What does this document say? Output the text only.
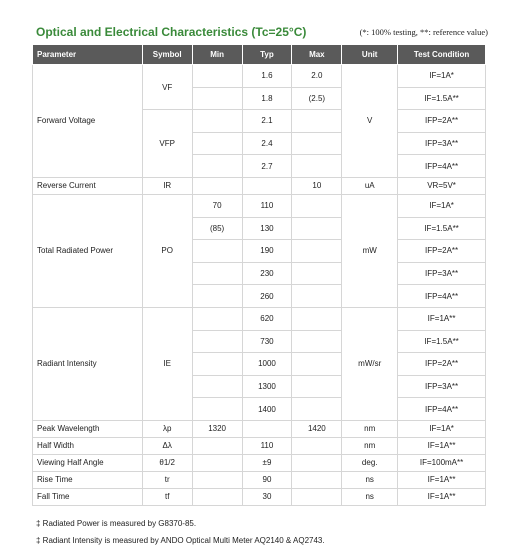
Optical and Electrical Characteristics (Tc=25°C)	(*: 100% testing, **: reference value)
Parameter	Symbol	Min	Typ	Max	Unit	Test Condition
Forward Voltage	VF		1.6	2.0	V	IF=1A*
			1.8	(2.5)		IF=1.5A**
	VFP		2.1			IFP=2A**
			2.4			IFP=3A**
			2.7			IFP=4A**
Reverse Current	IR			10	uA	VR=5V*
Total Radiated Power	PO	70	110		mW	IF=1A*
		(85)	130			IF=1.5A**
			190			IFP=2A**
			230			IFP=3A**
			260			IFP=4A**
Radiant Intensity	IE		620		mW/sr	IF=1A**
			730			IF=1.5A**
			1000			IFP=2A**
			1300			IFP=3A**
			1400			IFP=4A**
Peak Wavelength	λp	1320		1420	nm	IF=1A*
Half Width	Δλ		110		nm	IF=1A**
Viewing Half Angle	θ1/2		±9		deg.	IF=100mA**
Rise Time	tr		90		ns	IF=1A**
Fall Time	tf		30		ns	IF=1A**
‡ Radiated Power is measured by G8370-85.
‡ Radiant Intensity is measured by ANDO Optical Multi Meter AQ2140 & AQ2743.
